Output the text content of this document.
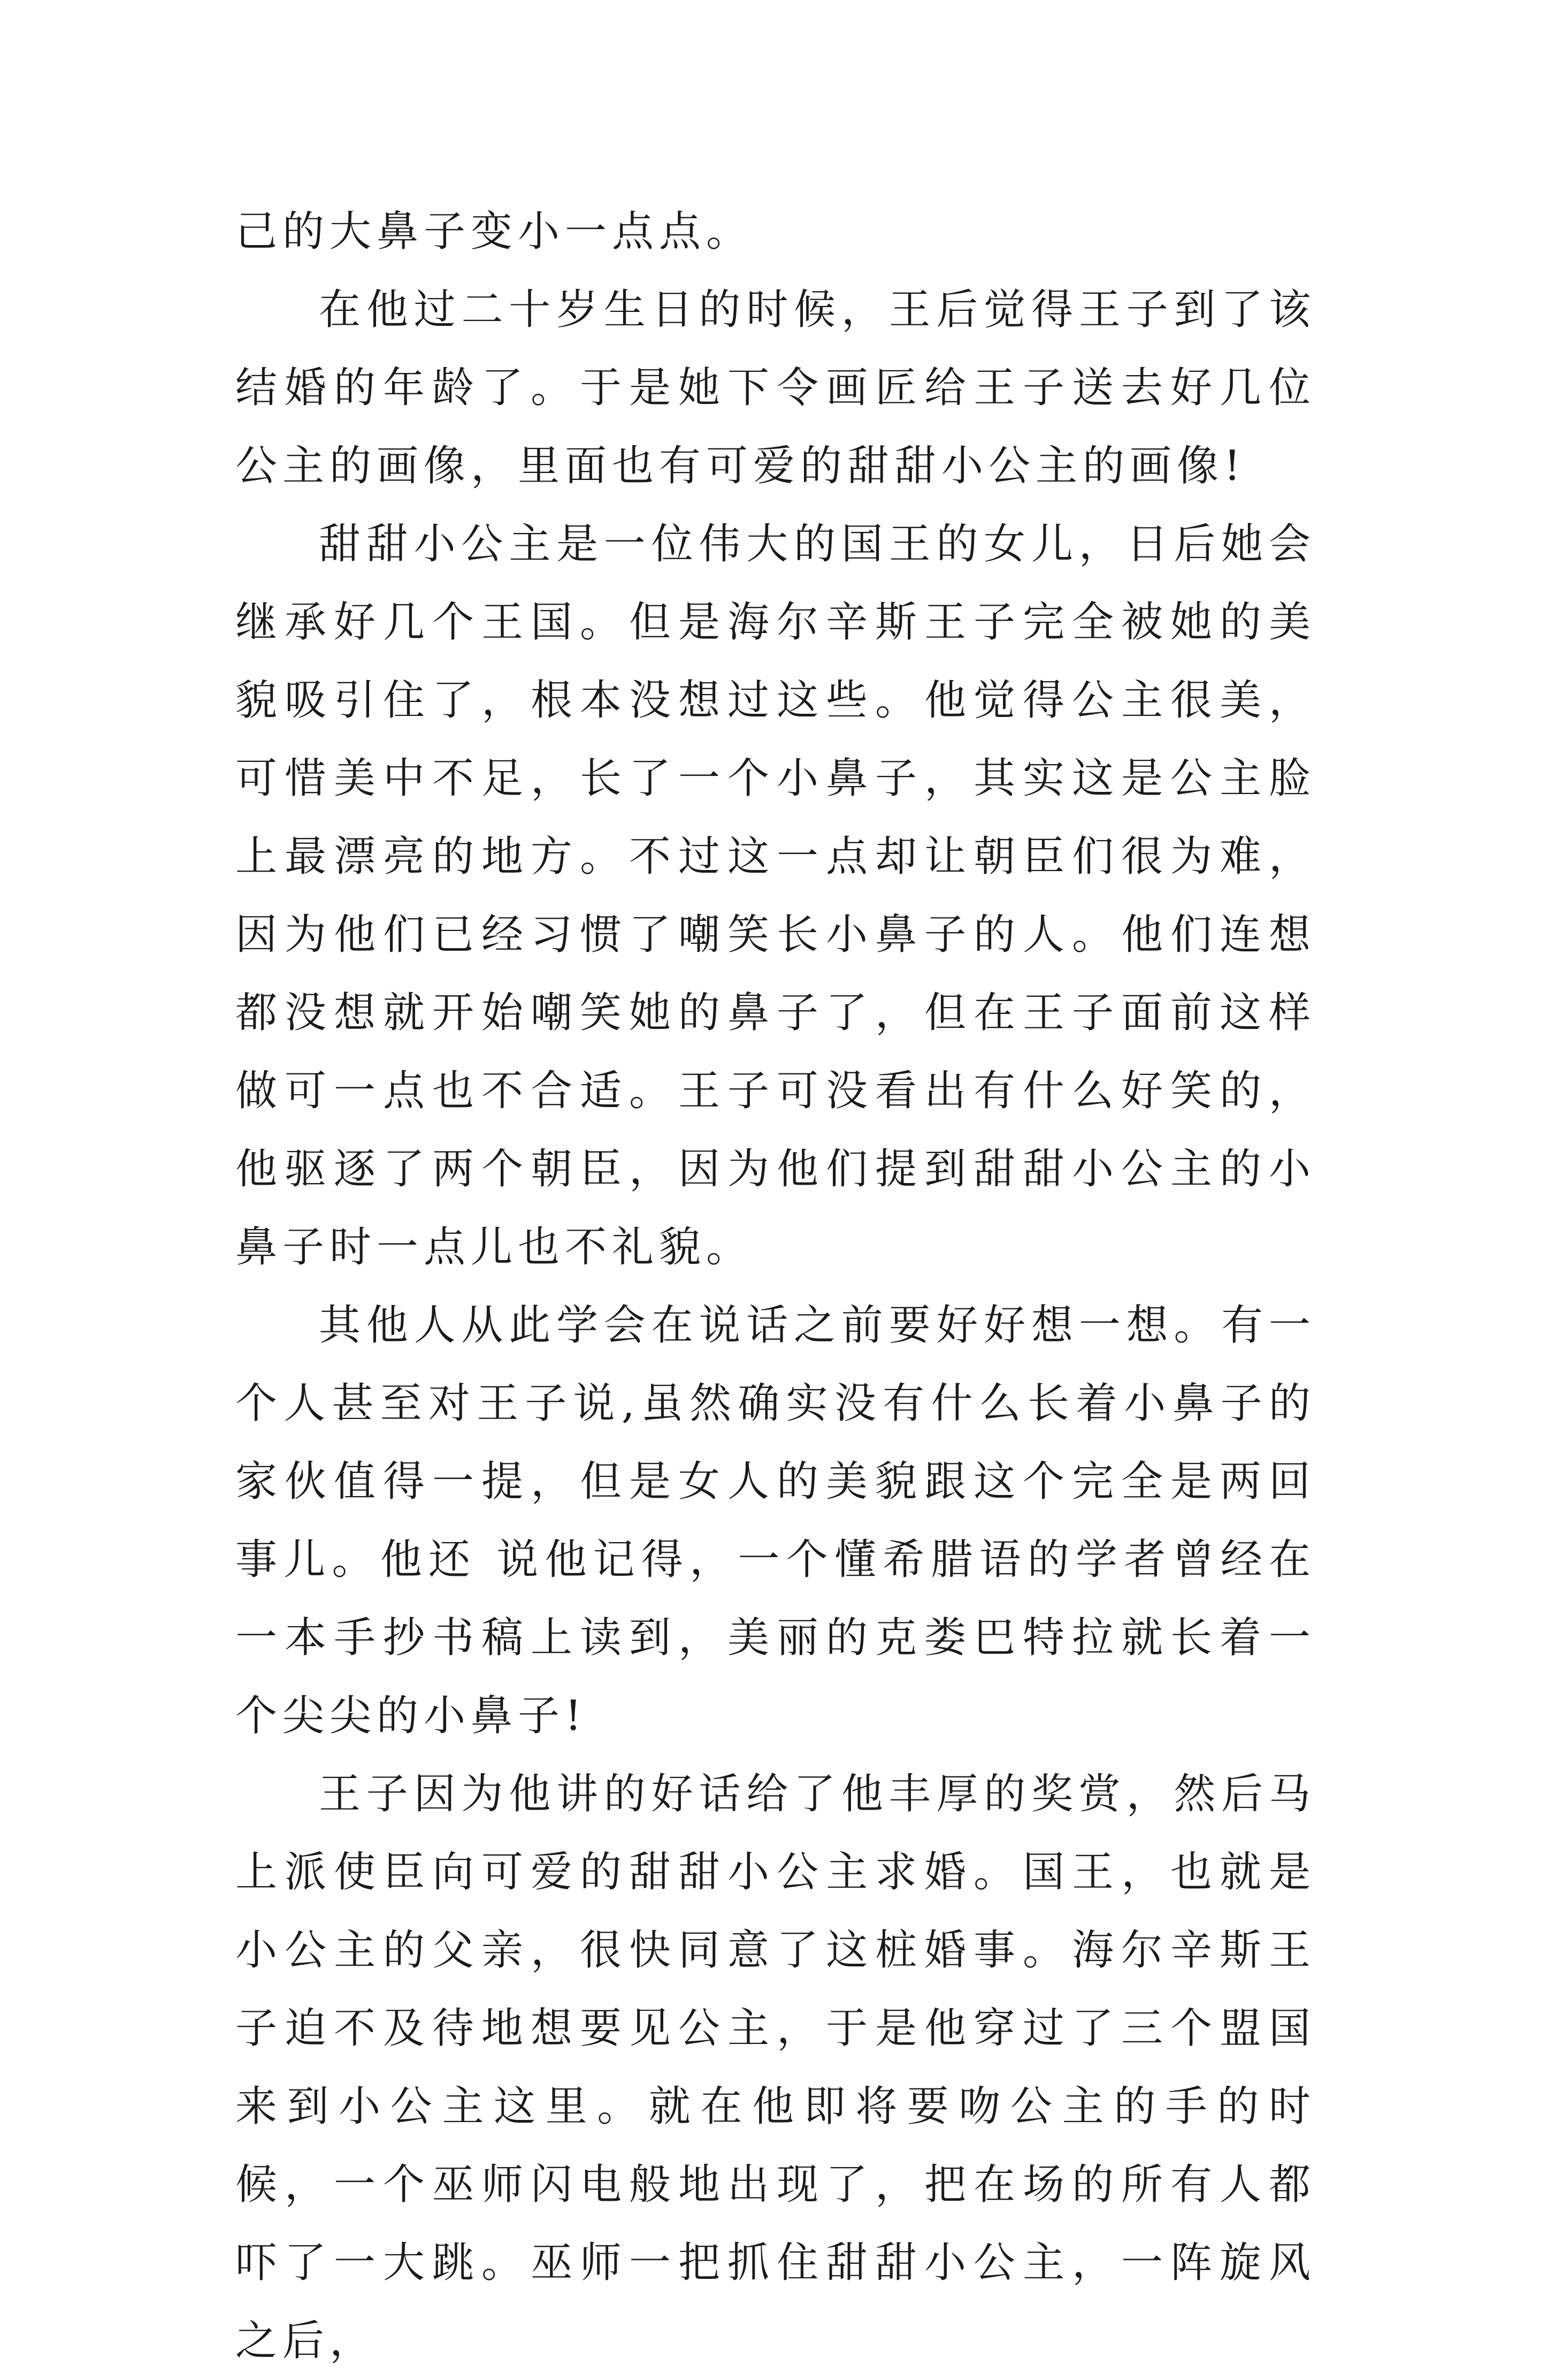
己的大鼻子变小一点点。

在他过二十岁生日的时候，王后觉得王子到了该结婚的年龄了。于是她下令画匠给王子送去好几位公主的画像，里面也有可爱的甜甜小公主的画像!

甜甜小公主是一位伟大的国王的女儿，日后她会继承好几个王国。但是海尔辛斯王子完全被她的美貌吸引住了，根本没想过这些。他觉得公主很美，可惜美中不足，长了一个小鼻子，其实这是公主脸上最漂亮的地方。不过这一点却让朝臣们很为难，因为他们已经习惯了嘲笑长小鼻子的人。他们连想都没想就开始嘲笑她的鼻子了，但在王子面前这样做可一点也不合适。王子可没看出有什么好笑的，他驱逐了两个朝臣，因为他们提到甜甜小公主的小鼻子时一点儿也不礼貌。

其他人从此学会在说话之前要好好想一想。有一个人甚至对王子说,虽然确实没有什么长着小鼻子的家伙值得一提，但是女人的美貌跟这个完全是两回事儿。他还 说他记得，一个懂希腊语的学者曾经在一本手抄书稿上读到，美丽的克娄巴特拉就长着一个尖尖的小鼻子!

王子因为他讲的好话给了他丰厚的奖赏，然后马上派使臣向可爱的甜甜小公主求婚。国王，也就是小公主的父亲，很快同意了这桩婚事。海尔辛斯王子迫不及待地想要见公主，于是他穿过了三个盟国来到小公主这里。就在他即将要吻公主的手的时候，一个巫师闪电般地出现了，把在场的所有人都吓了一大跳。巫师一把抓住甜甜小公主，一阵旋风之后，
